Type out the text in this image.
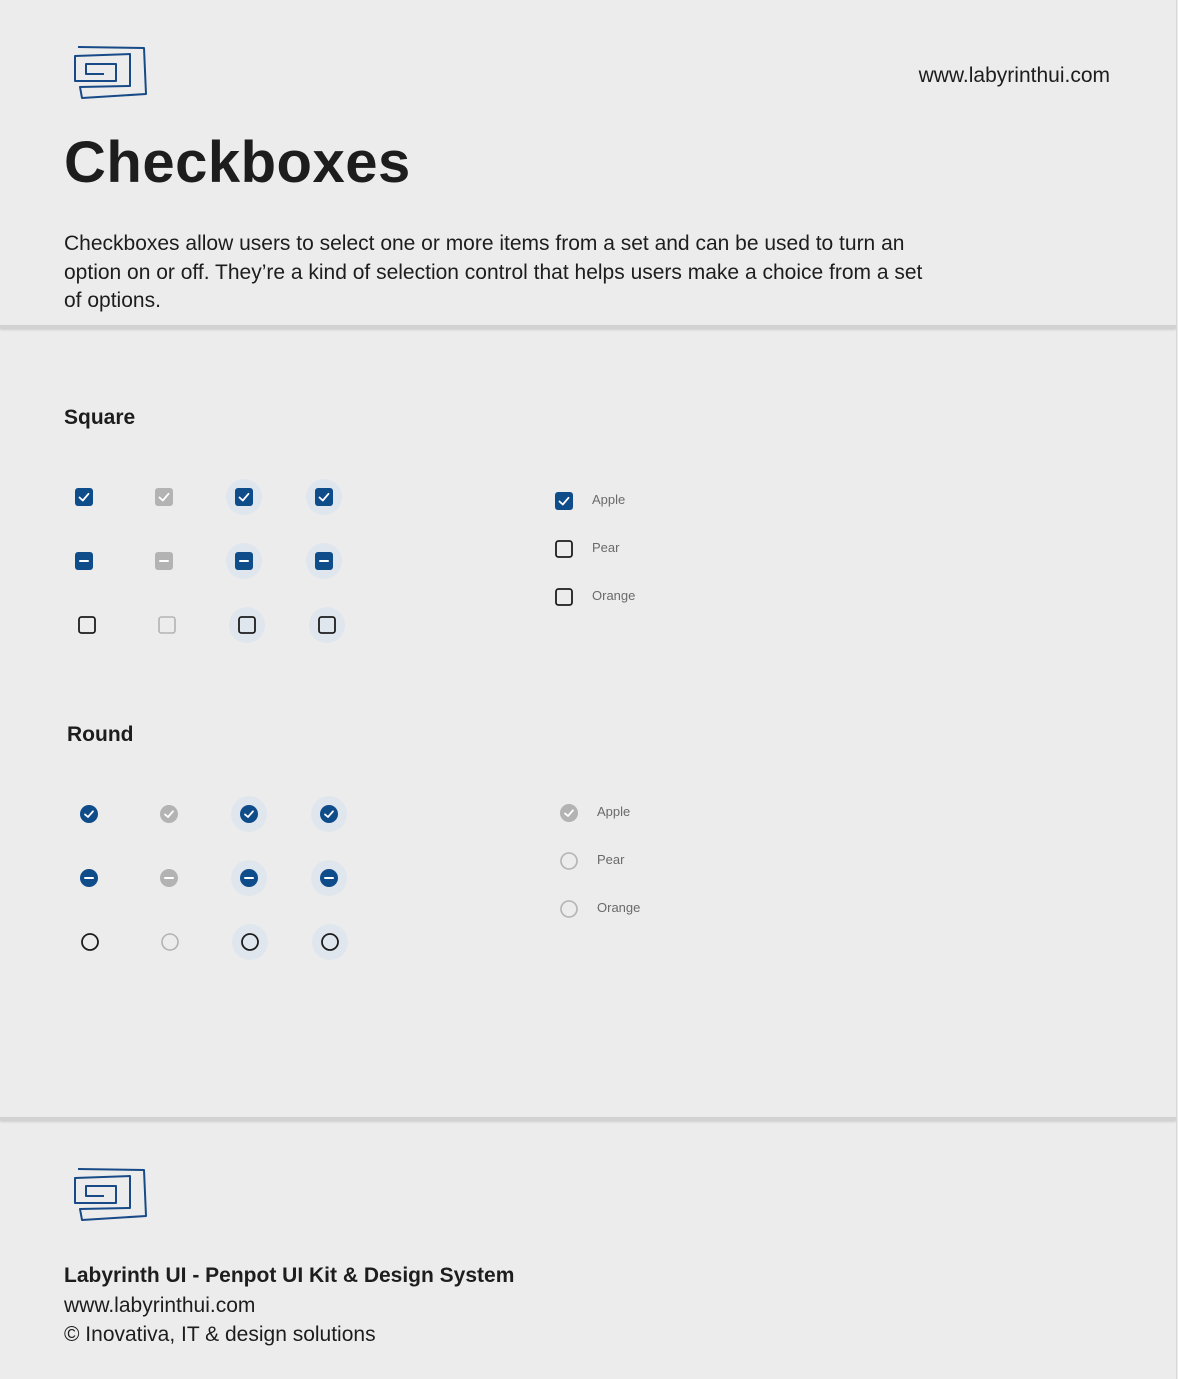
www.labyrinthui.com
Checkboxes

Checkboxes allow users to select one or more items from a set and can be used to turn an option on or off. They’re a kind of selection control that helps users make a choice from a set of options.

Square
Apple
Pear
Orange
Round
Apple
Pear
Orange
Labyrinth UI - Penpot UI Kit & Design System
www.labyrinthui.com
© Inovativa, IT & design solutions
